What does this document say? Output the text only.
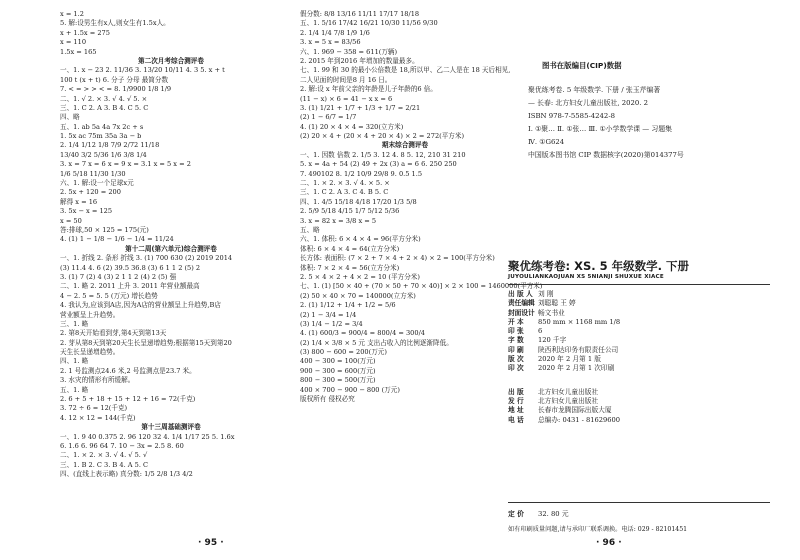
x = 1.2
5. 解:设男生有x人,则女生有1.5x人。
x + 1.5x = 275
x = 110
1.5x = 165
第二次月考综合测评卷
一、1. x − 23 2. 11/36 3. 13/20 10/11 4. 3 5. x + t
100 t (x + t) 6. 分子 分母 最简分数
7. < = > > < = 8. 1/9900 1/8 1/9
二、1. √ 2. × 3. √ 4. √ 5. ×
三、1. C 2. A 3. B 4. C 5. C
四、略
五、1. ab 5a 4a 7x 2c + s
1. 5x ac 75m 35a 3a − b
2. 1/4 1/12 1/8 7/9 2/72 11/18
13/40 3/2 5/36 1/6 3/8 1/4
3. x = 7 x = 6 x = 9 x = 3.1 x = 5 x = 2
1/6 5/18 11/30 1/30
六、1. 解:设一个足球x元
2. 5x + 120 = 200
解得 x = 16
3. 5x − x = 125
x = 50
答:排球,50 × 125 = 175(元)
4. (1) 1 − 1/8 − 1/6 − 1/4 = 11/24
第十二周(第六单元)综合测评卷
一、1. 折线 2. 条形 折线 3. (1) 700 630 (2) 2019 2014
(3) 11.4 4. 6 (2) 39.5 36.8 (3) 6 1 1 2 (5) 2
3. (1) 7 (2) 4 (3) 2 1 1 2 (4) 2 (5) 强
二、1. 略 2. 2011 上升 3. 2011 年营业额最高
4 − 2. 5 = 5. 5 (万元) 增长趋势
4. 我认为,应该到A店,因为A店的营业额呈上升趋势,B店
营业额呈上升趋势。
三、1. 略
2. 第8天开始看到芽,第4天到第13天
2. 芽从第8天到第20天生长呈递增趋势;根据第15天到第20
天生长呈递增趋势。
四、1. 略
2. 1 号监测点24.6 米,2 号监测点是23.7 米。
3. 水灾的情形有所缓解。
五、1. 略
2. 6 + 5 + 18 + 15 + 12 + 16 = 72(千克)
3. 72 ÷ 6 = 12(千克)
4. 12 × 12 = 144(千克)
第十三周基础测评卷
一、1. 9 40 0.375 2. 96 120 32 4. 1/4 1/17 25 5. 1.6x
6. 1.6 6. 96 64 7. 10 − 3x = 2.5 8. 60
二、1. × 2. × 3. √ 4. √ 5. √
三、1. B 2. C 3. B 4. A 5. C
四、(直线上表示略) 真分数: 1/5 2/8 1/3 4/2
· 95 ·
假分数: 8/8 13/16 11/11 17/17 18/18
五、1. 5/16 17/42 16/21 10/30 11/56 9/30
2. 1/4 1/4 7/8 1/9 1/6
3. x = 5 x = 83/56
六、1. 969 − 358 = 611(万辆)
2. 2015 年到2016 年增加的数量最多。
七、1. 99 和 30 的最小公倍数是 18,所以甲、乙二人是在 18 天后相见,
二人见面的时间是8 月 16 日。
2. 解:设 x 年前父亲的年龄是儿子年龄的6 倍。
(11 − x) × 6 = 41 − x x = 6
3. (1) 1/21 + 1/7 + 1/3 + 1/7 = 2/21
(2) 1 − 6/7 = 1/7
4. (1) 20 × 4 × 4 = 320(立方米)
(2) 20 × 4 + (20 × 4 + 20 × 4) × 2 = 272(平方米)
期末综合测评卷
一、1. 因数 倍数 2. 1/5 3. 12 4. 8 5. 12, 210 31 210
5. x = 4a + 54 (2) 49 + 2x (3) a = 6 6. 250 250
7. 490102 8. 1/2 10/9 29/8 9. 0.5 1.5
二、1. × 2. × 3. √ 4. × 5. ×
三、1. C 2. A 3. C 4. B 5. C
四、1. 4/5 15/18 4/18 17/20 1/3 5/8
2. 5/9 5/18 4/15 1/7 5/12 5/36
3. x = 82 x = 3/8 x = 5
五、略
六、1. 体积: 6 × 4 × 4 = 96(平方分米)
体积: 6 × 4 × 4 = 64(立方分米)
长方体: 表面积: (7 × 2 + 7 × 4 + 2 × 4) × 2 = 100(平方分米)
体积: 7 × 2 × 4 = 56(立方分米)
2. 5 × 4 × 2 + 4 × 2 = 10 (平方分米)
七、1. (1) [50 × 40 + (70 × 50 + 70 × 40)] × 2 × 100 = 1460000(平方米)
(2) 50 × 40 × 70 = 140000(立方米)
2. (1) 1/12 + 1/4 + 1/2 = 5/6
(2) 1 − 3/4 = 1/4
(3) 1/4 − 1/2 = 3/4
4. (1) 600/3 = 900/4 = 800/4 = 300/4
(2) 1/4 × 3/8 × 5 元 支出占收入的比例逐渐降低。
(3) 800 − 600 = 200(万元)
400 − 300 = 100(万元)
900 − 300 = 600(万元)
800 − 300 = 500(万元)
400 × 700 − 900 − 800 (万元)
版权所有 侵权必究
图书在版编目(CIP)数据
聚优练考卷. 5 年级数学. 下册 / 张玉芹编著
— 长春: 北方妇女儿童出版社, 2020. 2
ISBN 978-7-5585-4242-8
Ⅰ. ①聚… Ⅱ. ①张… Ⅲ. ①小学数学课 — 习题集
Ⅳ. ①G624
中国版本图书馆 CIP 数据核字(2020)第014377号
聚优练考卷: XS. 5 年级数学. 下册
JUYOULIANKAOJUAN XS 5NIANJI SHUXUE XIACE
出 版 人 刘 刚
责任编辑 刘聪聪 王 婷
封面设计 畅文书业
开 本	850 mm × 1168 mm 1/8
印 张	6
字 数	120 千字
印 刷	陕西利达印务有限责任公司
版 次	2020 年 2 月第 1 版
印 次	2020 年 2 月第 1 次印刷
出 版	北方妇女儿童出版社
发 行	北方妇女儿童出版社
地 址	长春市龙腾国际出版大厦
电 话	总编办: 0431 - 81629600
定 价	32. 80 元
如有印刷质量问题,请与承印厂联系调换。电话: 029 - 82101451
· 96 ·
